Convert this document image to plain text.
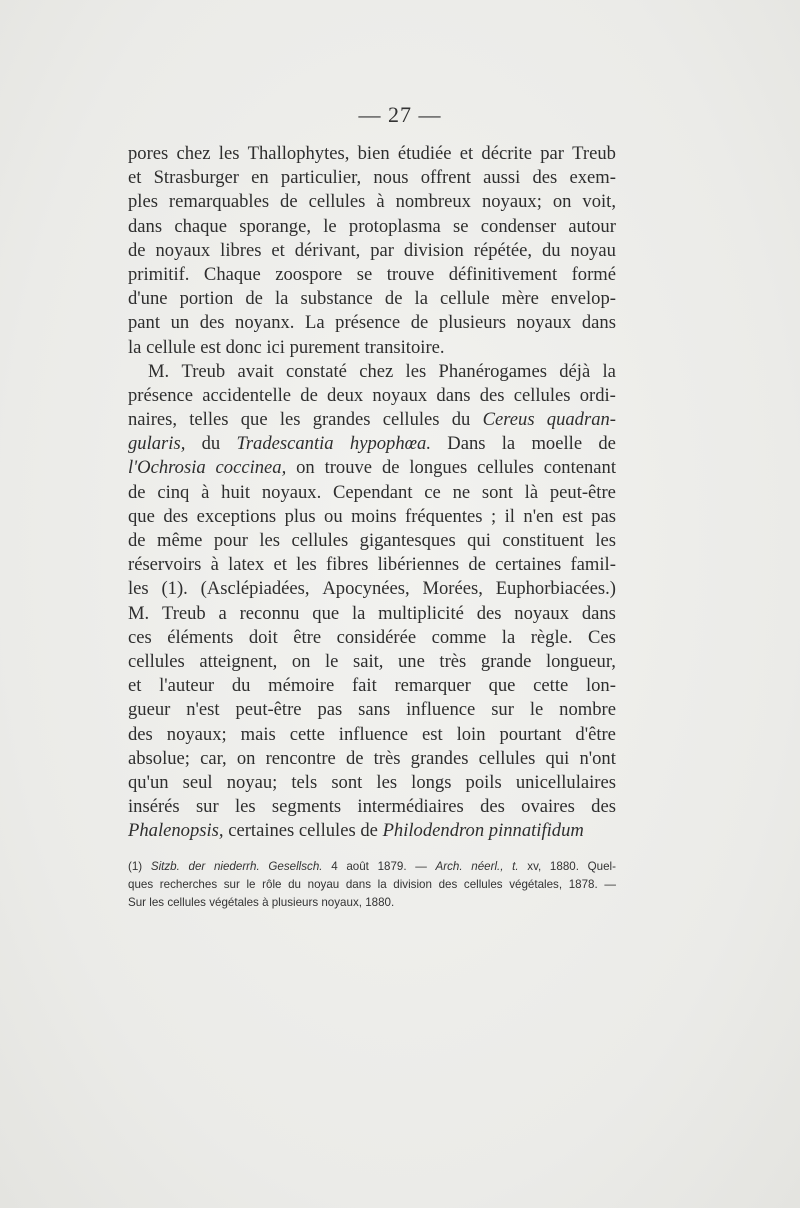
— 27 —
pores chez les Thallophytes, bien étudiée et décrite par Treub
et Strasburger en particulier, nous offrent aussi des exem-
ples remarquables de cellules à nombreux noyaux; on voit,
dans chaque sporange, le protoplasma se condenser autour
de noyaux libres et dérivant, par division répétée, du noyau
primitif. Chaque zoospore se trouve définitivement formé
d'une portion de la substance de la cellule mère envelop-
pant un des noyanx. La présence de plusieurs noyaux dans
la cellule est donc ici purement transitoire.
M. Treub avait constaté chez les Phanérogames déjà la
présence accidentelle de deux noyaux dans des cellules ordi-
naires, telles que les grandes cellules du Cereus quadran-
gularis, du Tradescantia hypophœa. Dans la moelle de
l'Ochrosia coccinea, on trouve de longues cellules contenant
de cinq à huit noyaux. Cependant ce ne sont là peut-être
que des exceptions plus ou moins fréquentes ; il n'en est pas
de même pour les cellules gigantesques qui constituent les
réservoirs à latex et les fibres libériennes de certaines famil-
les (1). (Asclépiadées, Apocynées, Morées, Euphorbiacées.)
M. Treub a reconnu que la multiplicité des noyaux dans
ces éléments doit être considérée comme la règle. Ces
cellules atteignent, on le sait, une très grande longueur,
et l'auteur du mémoire fait remarquer que cette lon-
gueur n'est peut-être pas sans influence sur le nombre
des noyaux; mais cette influence est loin pourtant d'être
absolue; car, on rencontre de très grandes cellules qui n'ont
qu'un seul noyau; tels sont les longs poils unicellulaires
insérés sur les segments intermédiaires des ovaires des
Phalenopsis, certaines cellules de Philodendron pinnatifidum
(1) Sitzb. der niederrh. Gesellsch. 4 août 1879. — Arch. néerl., t. xv, 1880. Quel-
ques recherches sur le rôle du noyau dans la division des cellules végétales, 1878. —
Sur les cellules végétales à plusieurs noyaux, 1880.
